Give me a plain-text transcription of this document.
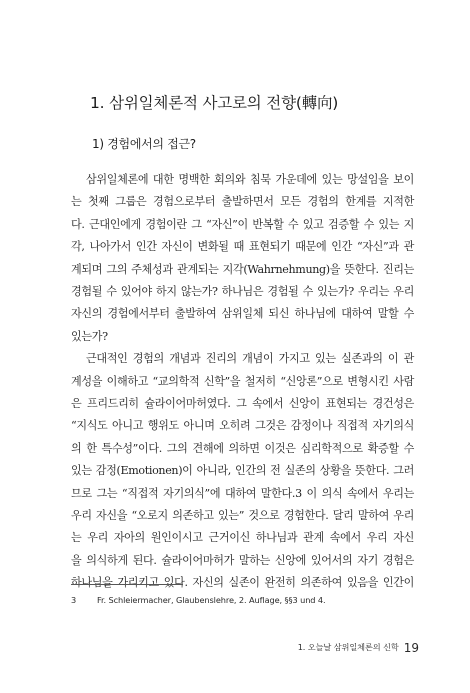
1. 삼위일체론적 사고로의 전향(轉向)
1) 경험에서의 접근?
삼위일체론에 대한 명백한 회의와 침묵 가운데에 있는 망설임을 보이
는 첫째 그룹은 경험으로부터 출발하면서 모든 경험의 한계를 지적한
다. 근대인에게 경험이란 그 “자신”이 반복할 수 있고 검증할 수 있는 지
각, 나아가서 인간 자신이 변화될 때 표현되기 때문에 인간 “자신”과 관
계되며 그의 주체성과 관계되는 지각(Wahrnehmung)을 뜻한다. 진리는
경험될 수 있어야 하지 않는가? 하나님은 경험될 수 있는가? 우리는 우리
자신의 경험에서부터 출발하여 삼위일체 되신 하나님에 대하여 말할 수
있는가?
근대적인 경험의 개념과 진리의 개념이 가지고 있는 실존과의 이 관
계성을 이해하고 “교의학적 신학”을 철저히 “신앙론”으로 변형시킨 사람
은 프리드리히 슐라이어마허였다. 그 속에서 신앙이 표현되는 경건성은
“지식도 아니고 행위도 아니며 오히려 그것은 감정이나 직접적 자기의식
의 한 특수성”이다. 그의 견해에 의하면 이것은 심리학적으로 확증할 수
있는 감정(Emotionen)이 아니라, 인간의 전 실존의 상황을 뜻한다. 그러
므로 그는 “직접적 자기의식”에 대하여 말한다.3 이 의식 속에서 우리는
우리 자신을 “오로지 의존하고 있는” 것으로 경험한다. 달리 말하여 우리
는 우리 자아의 원인이시고 근거이신 하나님과 관계 속에서 우리 자신
을 의식하게 된다. 슐라이어마허가 말하는 신앙에 있어서의 자기 경험은
하나님을 가리키고 있다. 자신의 실존이 완전히 의존하여 있음을 인간이
3	Fr. Schleiermacher, Glaubenslehre, 2. Auflage, §§3 und 4.
1. 오늘날 삼위일체론의 신학 19
